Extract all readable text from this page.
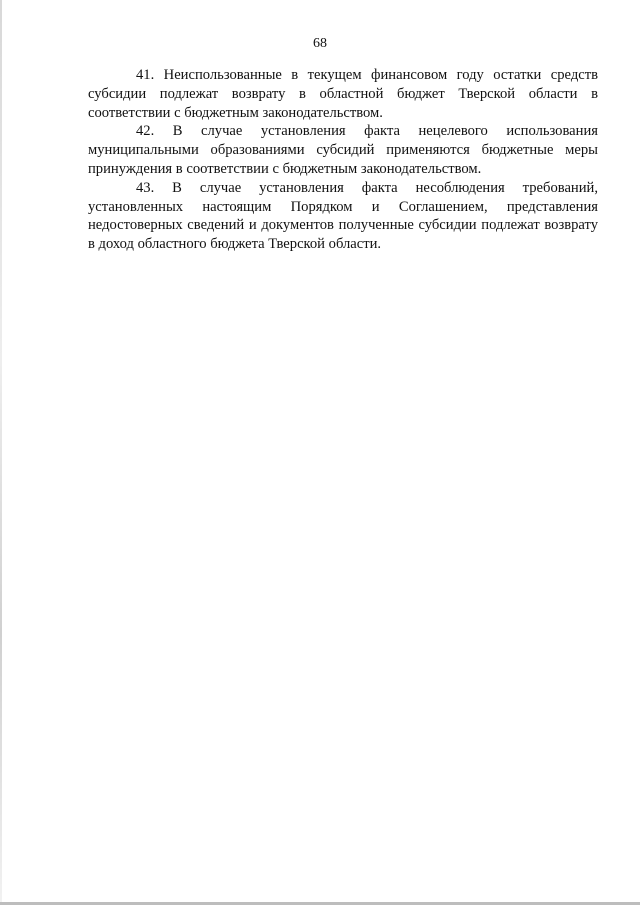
68

41. Неиспользованные в текущем финансовом году остатки средств субсидии подлежат возврату в областной бюджет Тверской области в соответствии с бюджетным законодательством.

42. В случае установления факта нецелевого использования муниципальными образованиями субсидий применяются бюджетные меры принуждения в соответствии с бюджетным законодательством.

43. В случае установления факта несоблюдения требований, установленных настоящим Порядком и Соглашением, представления недостоверных сведений и документов полученные субсидии подлежат возврату в доход областного бюджета Тверской области.
